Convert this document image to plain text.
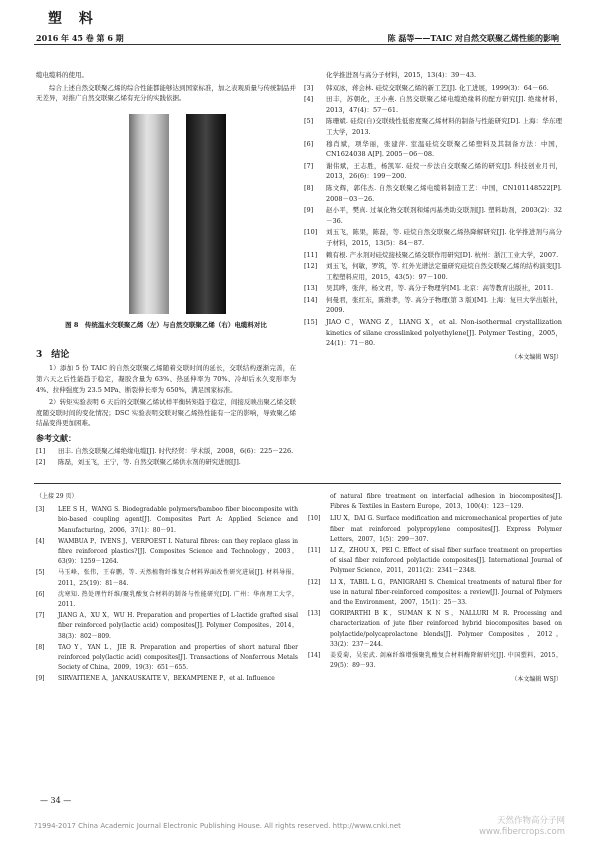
塑 料
2016 年 45 卷 第 6 期	陈 磊等——TAIC 对自然交联聚乙烯性能的影响

缆电缆料的使用。

综合上述自然交联聚乙烯的综合性能都能够达到国家标准，加之表观质量与传统制品并无差异，对推广自然交联聚乙烯有充分的实践依据。

图 8　传统温水交联聚乙烯（左）与自然交联聚乙烯（右）电缆料对比
3　结论

1）添加 5 份 TAIC 的自然交联聚乙烯随着交联时间的延长，交联结构逐渐完善，在第六天之后性能趋于稳定，凝胶含量为 63%、热延伸率为 70%、冷却后永久变形率为 4%、拉伸强度为 23.5 MPa、断裂伸长率为 650%，满足国家标准。

2）转矩实验表明 6 天后的交联聚乙烯试样平衡转矩趋于稳定，间接反映出聚乙烯交联度随交联时间的变化情况；DSC 实验表明交联对聚乙烯热性能有一定的影响，导致聚乙烯结晶变得更加困难。

参考文献：
[1] 田丰. 自然交联聚乙烯绝缘电缆[J]. 时代经贸：学术版，2008，6(6)：225－226.
[2] 陈磊，刘玉飞，王宁，等. 自然交联聚乙烯供水剂的研究进展[J].

化学推进剂与高分子材料，2015，13(4)：39－43.

[3] 韩双冰，蒋会林. 硅烷交联聚乙烯的新工艺[J]. 化工进展，1999(3)：64－66.
[4] 田丰，苏朝化，王小燕. 自然交联聚乙烯电缆绝缘料的配方研究[J]. 绝缘材料，2013，47(4)：57－61.
[5] 陈珊斌. 硅烷(自)交联线性低密度聚乙烯材料的制备与性能研究[D]. 上海：华东理工大学，2013.
[6] 穆肖斌，项华丽，张建萍. 室温硅烷交联聚乙烯塑料及其制备方法：中国，CN1624038 A[P]. 2005－06－08.
[7] 谢伟斌，王志胜，杨凯军. 硅烷一步法自交联聚乙烯的研究[J]. 科技创业月刊，2013，26(6)：199－200.
[8] 陈文辉，郭伟杰. 自然交联聚乙烯电缆料制造工艺：中国，CN101148522[P]. 2008－03－26.
[9] 赵小平，樊真. 过氧化物交联剂和烯丙基类助交联剂[J]. 塑料助剂，2003(2)：32－36.
[10] 刘玉飞，陈果，陈磊，等. 硅烷自然交联聚乙烯热降解研究[J]. 化学推进剂与高分子材料，2015，13(5)：84－87.
[11] 赖有根. 产水剂对硅烷接枝聚乙烯交联作用研究[D]. 杭州：浙江工业大学，2007.
[12] 刘玉飞，何敏，罗筑，等. 红外光谱法定量研究硅烷自然交联聚乙烯的结构演变[J]. 工程塑料应用，2015，43(5)：97－100.
[13] 吴其晔，张萍，杨文君，等. 高分子物理学[M]. 北京：高等教育出版社，2011.
[14] 何曼君，张红东，陈维孝，等. 高分子物理(第 3 版)[M]. 上海：复旦大学出版社，2009.
[15] JIAO C，WANG Z，LIANG X，et al. Non-isothermal crystallization kinetics of silane crosslinked polyethylene[J]. Polymer Testing，2005，24(1)：71－80.
（本文编辑 WSJ）
（上接 29 页）
[3] LEE S H，WANG S. Biodegradable polymers/bamboo fiber biocomposite with bio-based coupling agent[J]. Composites Part A: Applied Science and Manufacturing，2006，37(1)：80－91.
[4] WAMBUA P，IVENS J，VERPOEST I. Natural fibres: can they replace glass in fibre reinforced plastics?[J]. Composites Science and Technology，2003，63(9)：1259－1264.
[5] 马玉峰，张伟，王春鹏，等. 天然植物纤维复合材料界面改性研究进展[J]. 材料导报，2011，25(19)：81－84.
[6] 沈寒知. 热处理竹纤维/聚乳酸复合材料的制备与性能研究[D]. 广州：华南理工大学，2011.
[7] JIANG A，XU X，WU H. Preparation and properties of L-lactide grafted sisal fiber reinforced poly(lactic acid) composites[J]. Polymer Composites，2014，38(3)：802－809.
[8] TAO Y，YAN L，JIE R. Preparation and properties of short natural fiber reinforced poly(lactic acid) composites[J]. Transactions of Nonferrous Metals Society of China，2009，19(3)：651－655.
[9] SIRVAITIENE A，JANKAUSKAITE V，BEKAMPIENE P，et al. Influence

of natural fibre treatment on interfacial adhesion in biocomposites[J]. Fibres & Textiles in Eastern Europe，2013，100(4)：123－129.

[10] LIU X，DAI G. Surface modification and micromechanical properties of jute fiber mat reinforced polypropylene composites[J]. Express Polymer Letters，2007，1(5)：299－307.
[11] LI Z，ZHOU X，PEI C. Effect of sisal fiber surface treatment on properties of sisal fiber reinforced polylactide composites[J]. International Journal of Polymer Science，2011，2011(2)：2341－2348.
[12] LI X，TABIL L G，PANIGRAHI S. Chemical treatments of natural fiber for use in natural fiber-reinforced composites: a review[J]. Journal of Polymers and the Environment，2007，15(1)：25－33.
[13] GORIPARTHI B K，SUMAN K N S，NALLURI M R. Processing and characterization of jute fiber reinforced hybrid biocomposites based on polylactide/polycaprolactone blends[J]. Polymer Composites，2012，33(2)：237－244.
[14] 姜爱菊，吴宏武. 剑麻纤维增强聚乳酸复合材料酶降解研究[J]. 中国塑料，2015，29(5)：89－93.
（本文编辑 WSJ）
— 34 —
?1994-2017 China Academic Journal Electronic Publishing House. All rights reserved. http://www.cnki.net	天然作物高分子网
www.fibercrops.com
